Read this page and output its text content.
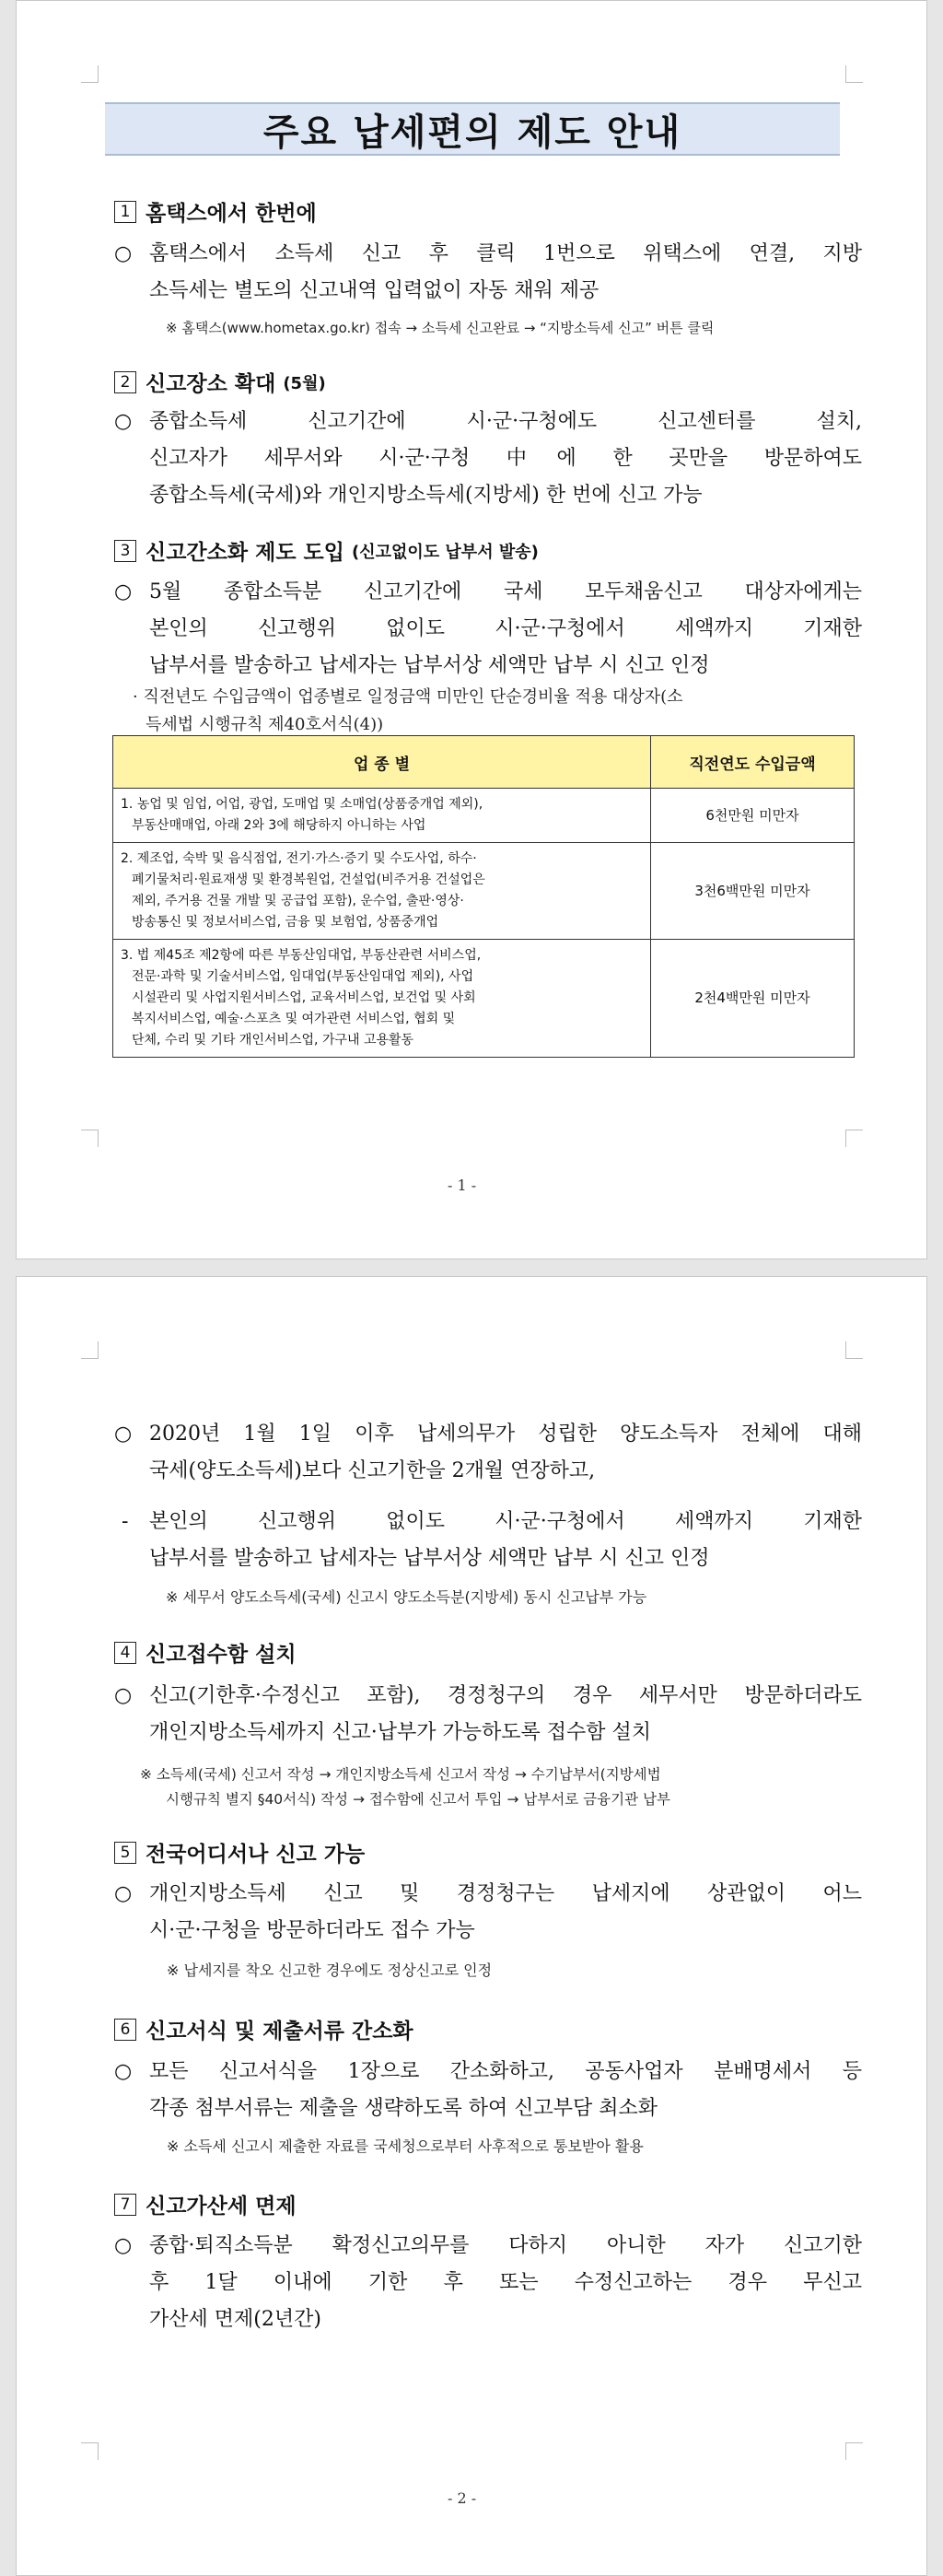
주요 납세편의 제도 안내
1 홈택스에서 한번에
○ 홈택스에서 소득세 신고 후 클릭 1번으로 위택스에 연결, 지방
소득세는 별도의 신고내역 입력없이 자동 채워 제공
※ 홈택스(www.hometax.go.kr) 접속 → 소득세 신고완료 → “지방소득세 신고” 버튼 클릭
2 신고장소 확대 (5월)
○ 종합소득세 신고기간에 시·군·구청에도 신고센터를 설치,
신고자가 세무서와 시·군·구청 中에 한 곳만을 방문하여도
종합소득세(국세)와 개인지방소득세(지방세) 한 번에 신고 가능
3 신고간소화 제도 도입 (신고없이도 납부서 발송)
○ 5월 종합소득분 신고기간에 국세 모두채움신고 대상자에게는
본인의 신고행위 없이도 시·군·구청에서 세액까지 기재한
납부서를 발송하고 납세자는 납부서상 세액만 납부 시 신고 인정
· 직전년도 수입금액이 업종별로 일정금액 미만인 단순경비율 적용 대상자(소
득세법 시행규칙 제40호서식(4))
업 종 별	직전연도 수입금액

1. 농업 및 임업, 어업, 광업, 도매업 및 소매업(상품중개업 제외),
부동산매매업, 아래 2와 3에 해당하지 아니하는 사업	6천만원 미만자

2. 제조업, 숙박 및 음식점업, 전기·가스·증기 및 수도사업, 하수·
폐기물처리·원료재생 및 환경복원업, 건설업(비주거용 건설업은
제외, 주거용 건물 개발 및 공급업 포함), 운수업, 출판·영상·
방송통신 및 정보서비스업, 금융 및 보험업, 상품중개업	3천6백만원 미만자

3. 법 제45조 제2항에 따른 부동산임대업, 부동산관련 서비스업,
전문·과학 및 기술서비스업, 임대업(부동산임대업 제외), 사업
시설관리 및 사업지원서비스업, 교육서비스업, 보건업 및 사회
복지서비스업, 예술·스포츠 및 여가관련 서비스업, 협회 및
단체, 수리 및 기타 개인서비스업, 가구내 고용활동	2천4백만원 미만자
- 1 -
○ 2020년 1월 1일 이후 납세의무가 성립한 양도소득자 전체에 대해
국세(양도소득세)보다 신고기한을 2개월 연장하고,
-	본인의 신고행위 없이도 시·군·구청에서 세액까지 기재한
납부서를 발송하고 납세자는 납부서상 세액만 납부 시 신고 인정
※ 세무서 양도소득세(국세) 신고시 양도소득분(지방세) 동시 신고납부 가능
4 신고접수함 설치
○ 신고(기한후·수정신고 포함), 경정청구의 경우 세무서만 방문하더라도
개인지방소득세까지 신고·납부가 가능하도록 접수함 설치
※ 소득세(국세) 신고서 작성 → 개인지방소득세 신고서 작성 → 수기납부서(지방세법
시행규칙 별지 §40서식) 작성 → 접수함에 신고서 투입 → 납부서로 금융기관 납부
5 전국어디서나 신고 가능
○ 개인지방소득세 신고 및 경정청구는 납세지에 상관없이 어느
시·군·구청을 방문하더라도 접수 가능
※ 납세지를 착오 신고한 경우에도 정상신고로 인정
6 신고서식 및 제출서류 간소화
○ 모든 신고서식을 1장으로 간소화하고, 공동사업자 분배명세서 등
각종 첨부서류는 제출을 생략하도록 하여 신고부담 최소화
※ 소득세 신고시 제출한 자료를 국세청으로부터 사후적으로 통보받아 활용
7 신고가산세 면제
○ 종합·퇴직소득분 확정신고의무를 다하지 아니한 자가 신고기한
후 1달 이내에 기한 후 또는 수정신고하는 경우 무신고
가산세 면제(2년간)
- 2 -
